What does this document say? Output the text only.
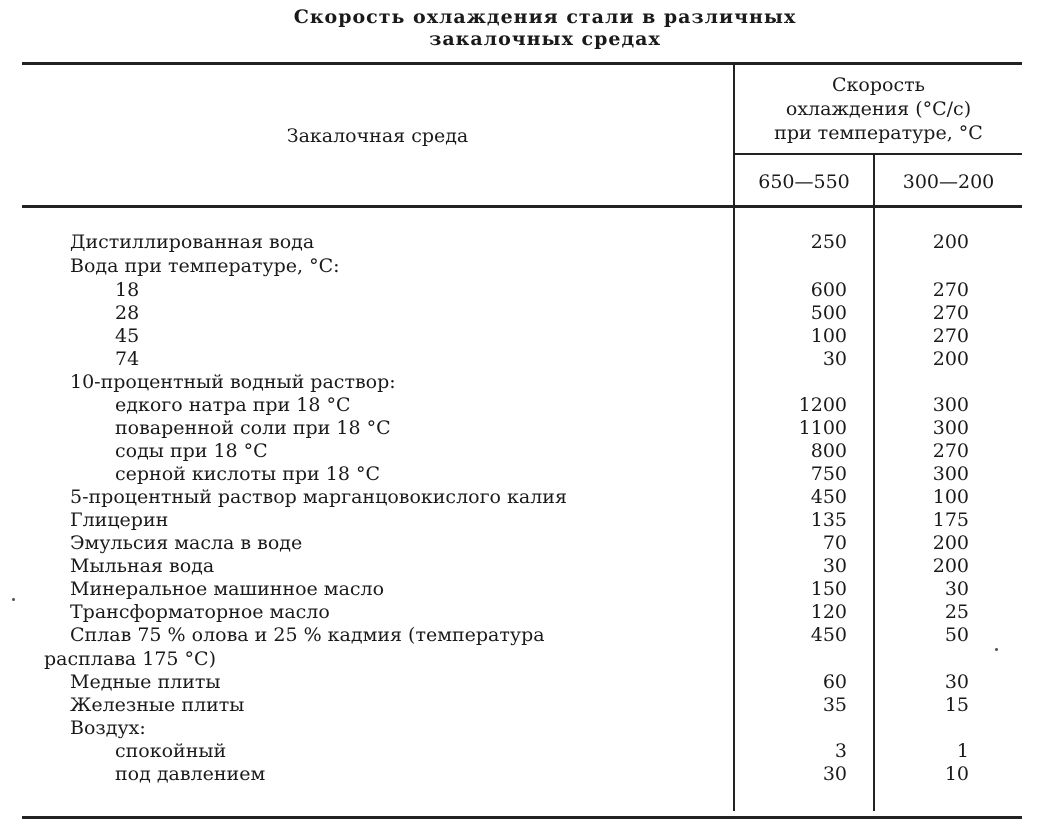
Скорость охлаждения стали в различных
закалочных средах
Закалочная среда
Скорость
охлаждения (°С/с)
при температуре, °С
650—550	300—200
Дистиллированная вода	250	200
Вода при температуре, °С:
18	600	270
28	500	270
45	100	270
74	30	200
10-процентный водный раствор:
едкого натра при 18 °С	1200	300
поваренной соли при 18 °С	1100	300
соды при 18 °С	800	270
серной кислоты при 18 °С	750	300
5-процентный раствор марганцовокислого калия	450	100
Глицерин	135	175
Эмульсия масла в воде	70	200
Мыльная вода	30	200
Минеральное машинное масло	150	30
Трансформаторное масло	120	25
Сплав 75 % олова и 25 % кадмия (температура	450	50
расплава 175 °С)
Медные плиты	60	30
Железные плиты	35	15
Воздух:
спокойный	3	1
под давлением	30	10
